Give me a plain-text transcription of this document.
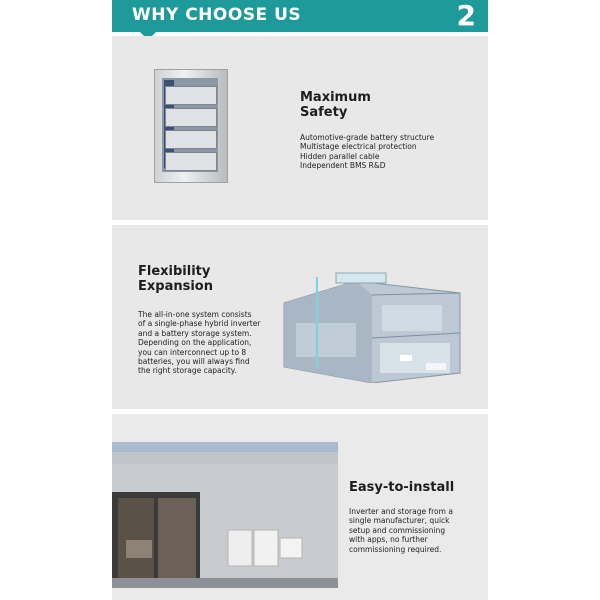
WHY CHOOSE US	2
Maximum
Safety
Automotive-grade battery structure
Multistage electrical protection
Hidden parallel cable
Independent BMS R&D
Flexibility
Expansion
The all-in-one system consists
of a single-phase hybrid inverter
and a battery storage system.
Depending on the application,
you can interconnect up to 8
batteries, you will always find
the right storage capacity.
Easy-to-install
Inverter and storage from a
single manufacturer, quick
setup and commissioning
with apps, no further
commissioning required.
